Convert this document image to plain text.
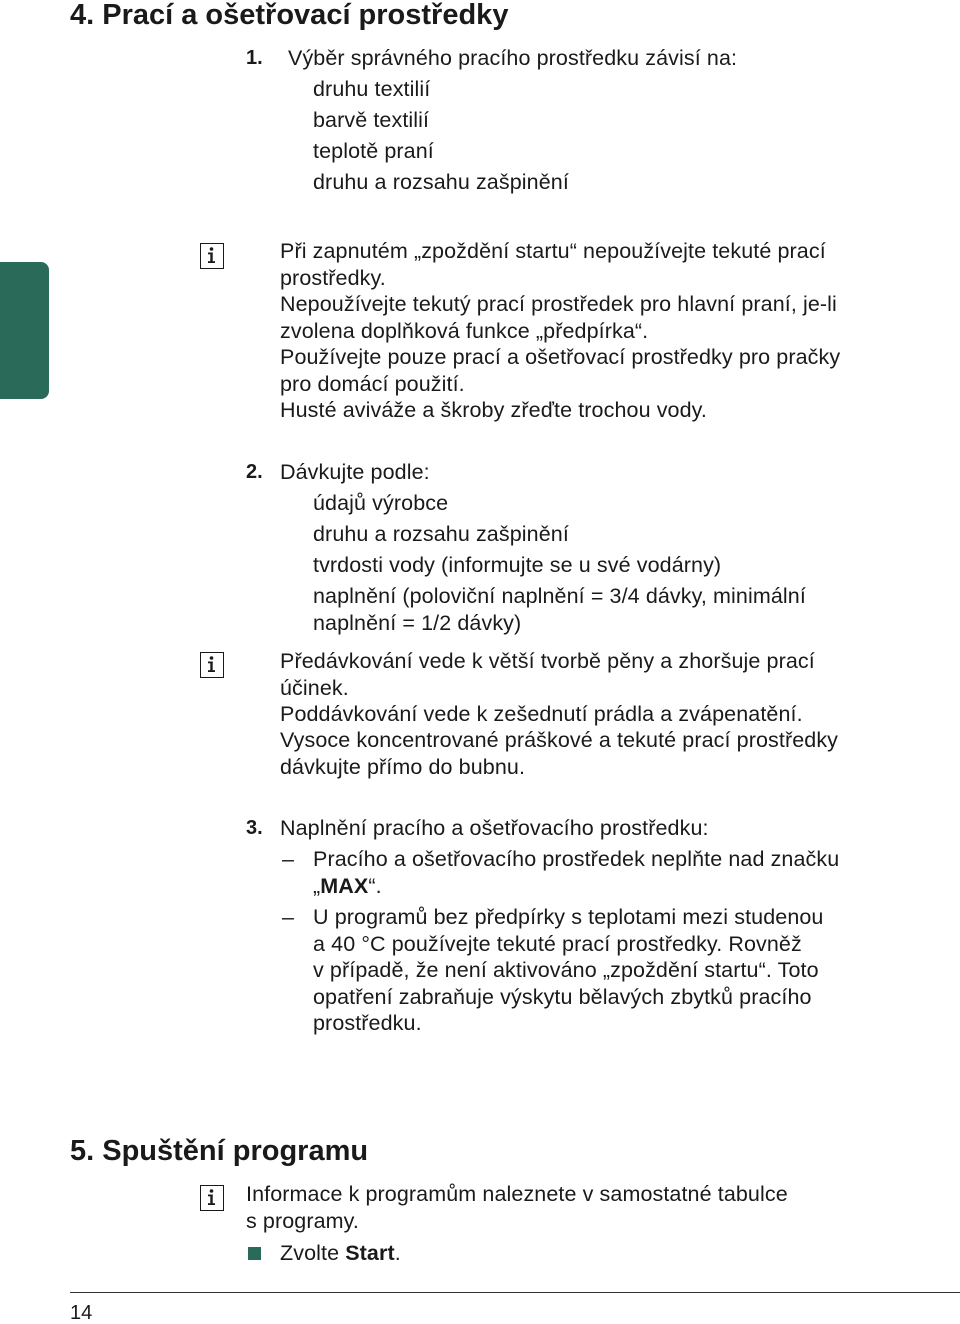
4. Prací a ošetřovací prostředky
1. Výběr správného pracího prostředku závisí na:
druhu textilií
barvě textilií
teplotě praní
druhu a rozsahu zašpinění
Při zapnutém „zpoždění startu“ nepoužívejte tekuté prací
prostředky.
Nepoužívejte tekutý prací prostředek pro hlavní praní, je-li
zvolena doplňková funkce „předpírka“.
Používejte pouze prací a ošetřovací prostředky pro pračky
pro domácí použití.
Husté aviváže a škroby zřeďte trochou vody.
2. Dávkujte podle:
údajů výrobce
druhu a rozsahu zašpinění
tvrdosti vody (informujte se u své vodárny)
naplnění (poloviční naplnění = 3/4 dávky, minimální
naplnění = 1/2 dávky)
Předávkování vede k větší tvorbě pěny a zhoršuje prací
účinek.
Poddávkování vede k zešednutí prádla a zvápenatění.
Vysoce koncentrované práškové a tekuté prací prostředky
dávkujte přímo do bubnu.
3. Naplnění pracího a ošetřovacího prostředku:
– Pracího a ošetřovacího prostředek neplňte nad značku
„MAX“.
– U programů bez předpírky s teplotami mezi studenou
a 40 °C používejte tekuté prací prostředky. Rovněž
v případě, že není aktivováno „zpoždění startu“. Toto
opatření zabraňuje výskytu bělavých zbytků pracího
prostředku.
5. Spuštění programu
Informace k programům naleznete v samostatné tabulce
s programy.
Zvolte Start.
14
